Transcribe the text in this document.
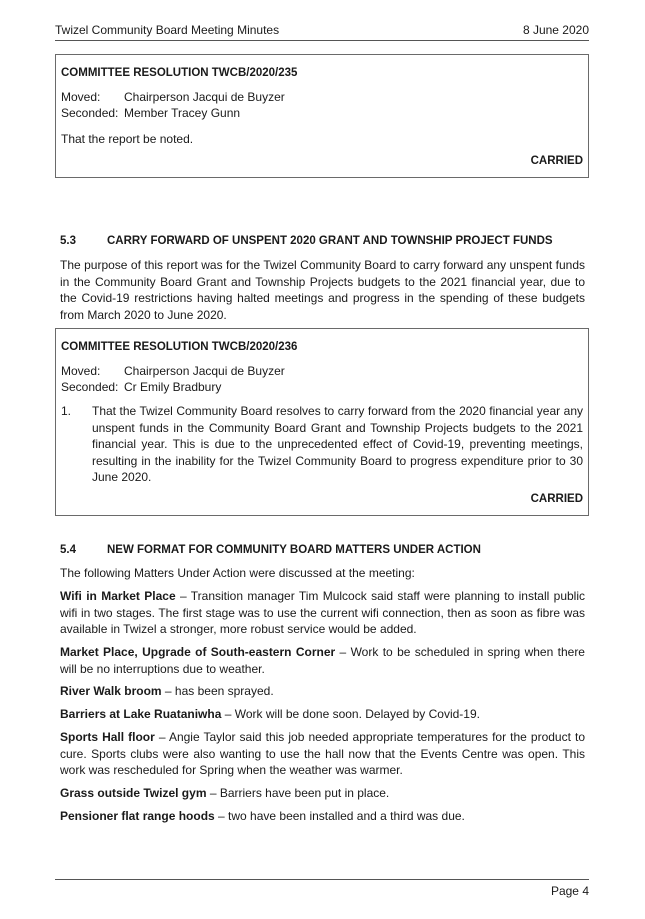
Twizel Community Board Meeting Minutes	8 June 2020
COMMITTEE RESOLUTION TWCB/2020/235
Moved:	Chairperson Jacqui de Buyzer
Seconded: Member Tracey Gunn
That the report be noted.
CARRIED
5.3	CARRY FORWARD OF UNSPENT 2020 GRANT AND TOWNSHIP PROJECT FUNDS
The purpose of this report was for the Twizel Community Board to carry forward any unspent funds in the Community Board Grant and Township Projects budgets to the 2021 financial year, due to the Covid-19 restrictions having halted meetings and progress in the spending of these budgets from March 2020 to June 2020.
COMMITTEE RESOLUTION TWCB/2020/236
Moved:	Chairperson Jacqui de Buyzer
Seconded: Cr Emily Bradbury
1.	That the Twizel Community Board resolves to carry forward from the 2020 financial year any unspent funds in the Community Board Grant and Township Projects budgets to the 2021 financial year. This is due to the unprecedented effect of Covid-19, preventing meetings, resulting in the inability for the Twizel Community Board to progress expenditure prior to 30 June 2020.
CARRIED
5.4	NEW FORMAT FOR COMMUNITY BOARD MATTERS UNDER ACTION
The following Matters Under Action were discussed at the meeting:
Wifi in Market Place – Transition manager Tim Mulcock said staff were planning to install public wifi in two stages. The first stage was to use the current wifi connection, then as soon as fibre was available in Twizel a stronger, more robust service would be added.
Market Place, Upgrade of South-eastern Corner – Work to be scheduled in spring when there will be no interruptions due to weather.
River Walk broom – has been sprayed.
Barriers at Lake Ruataniwha – Work will be done soon. Delayed by Covid-19.
Sports Hall floor – Angie Taylor said this job needed appropriate temperatures for the product to cure. Sports clubs were also wanting to use the hall now that the Events Centre was open. This work was rescheduled for Spring when the weather was warmer.
Grass outside Twizel gym – Barriers have been put in place.
Pensioner flat range hoods – two have been installed and a third was due.
Page 4
